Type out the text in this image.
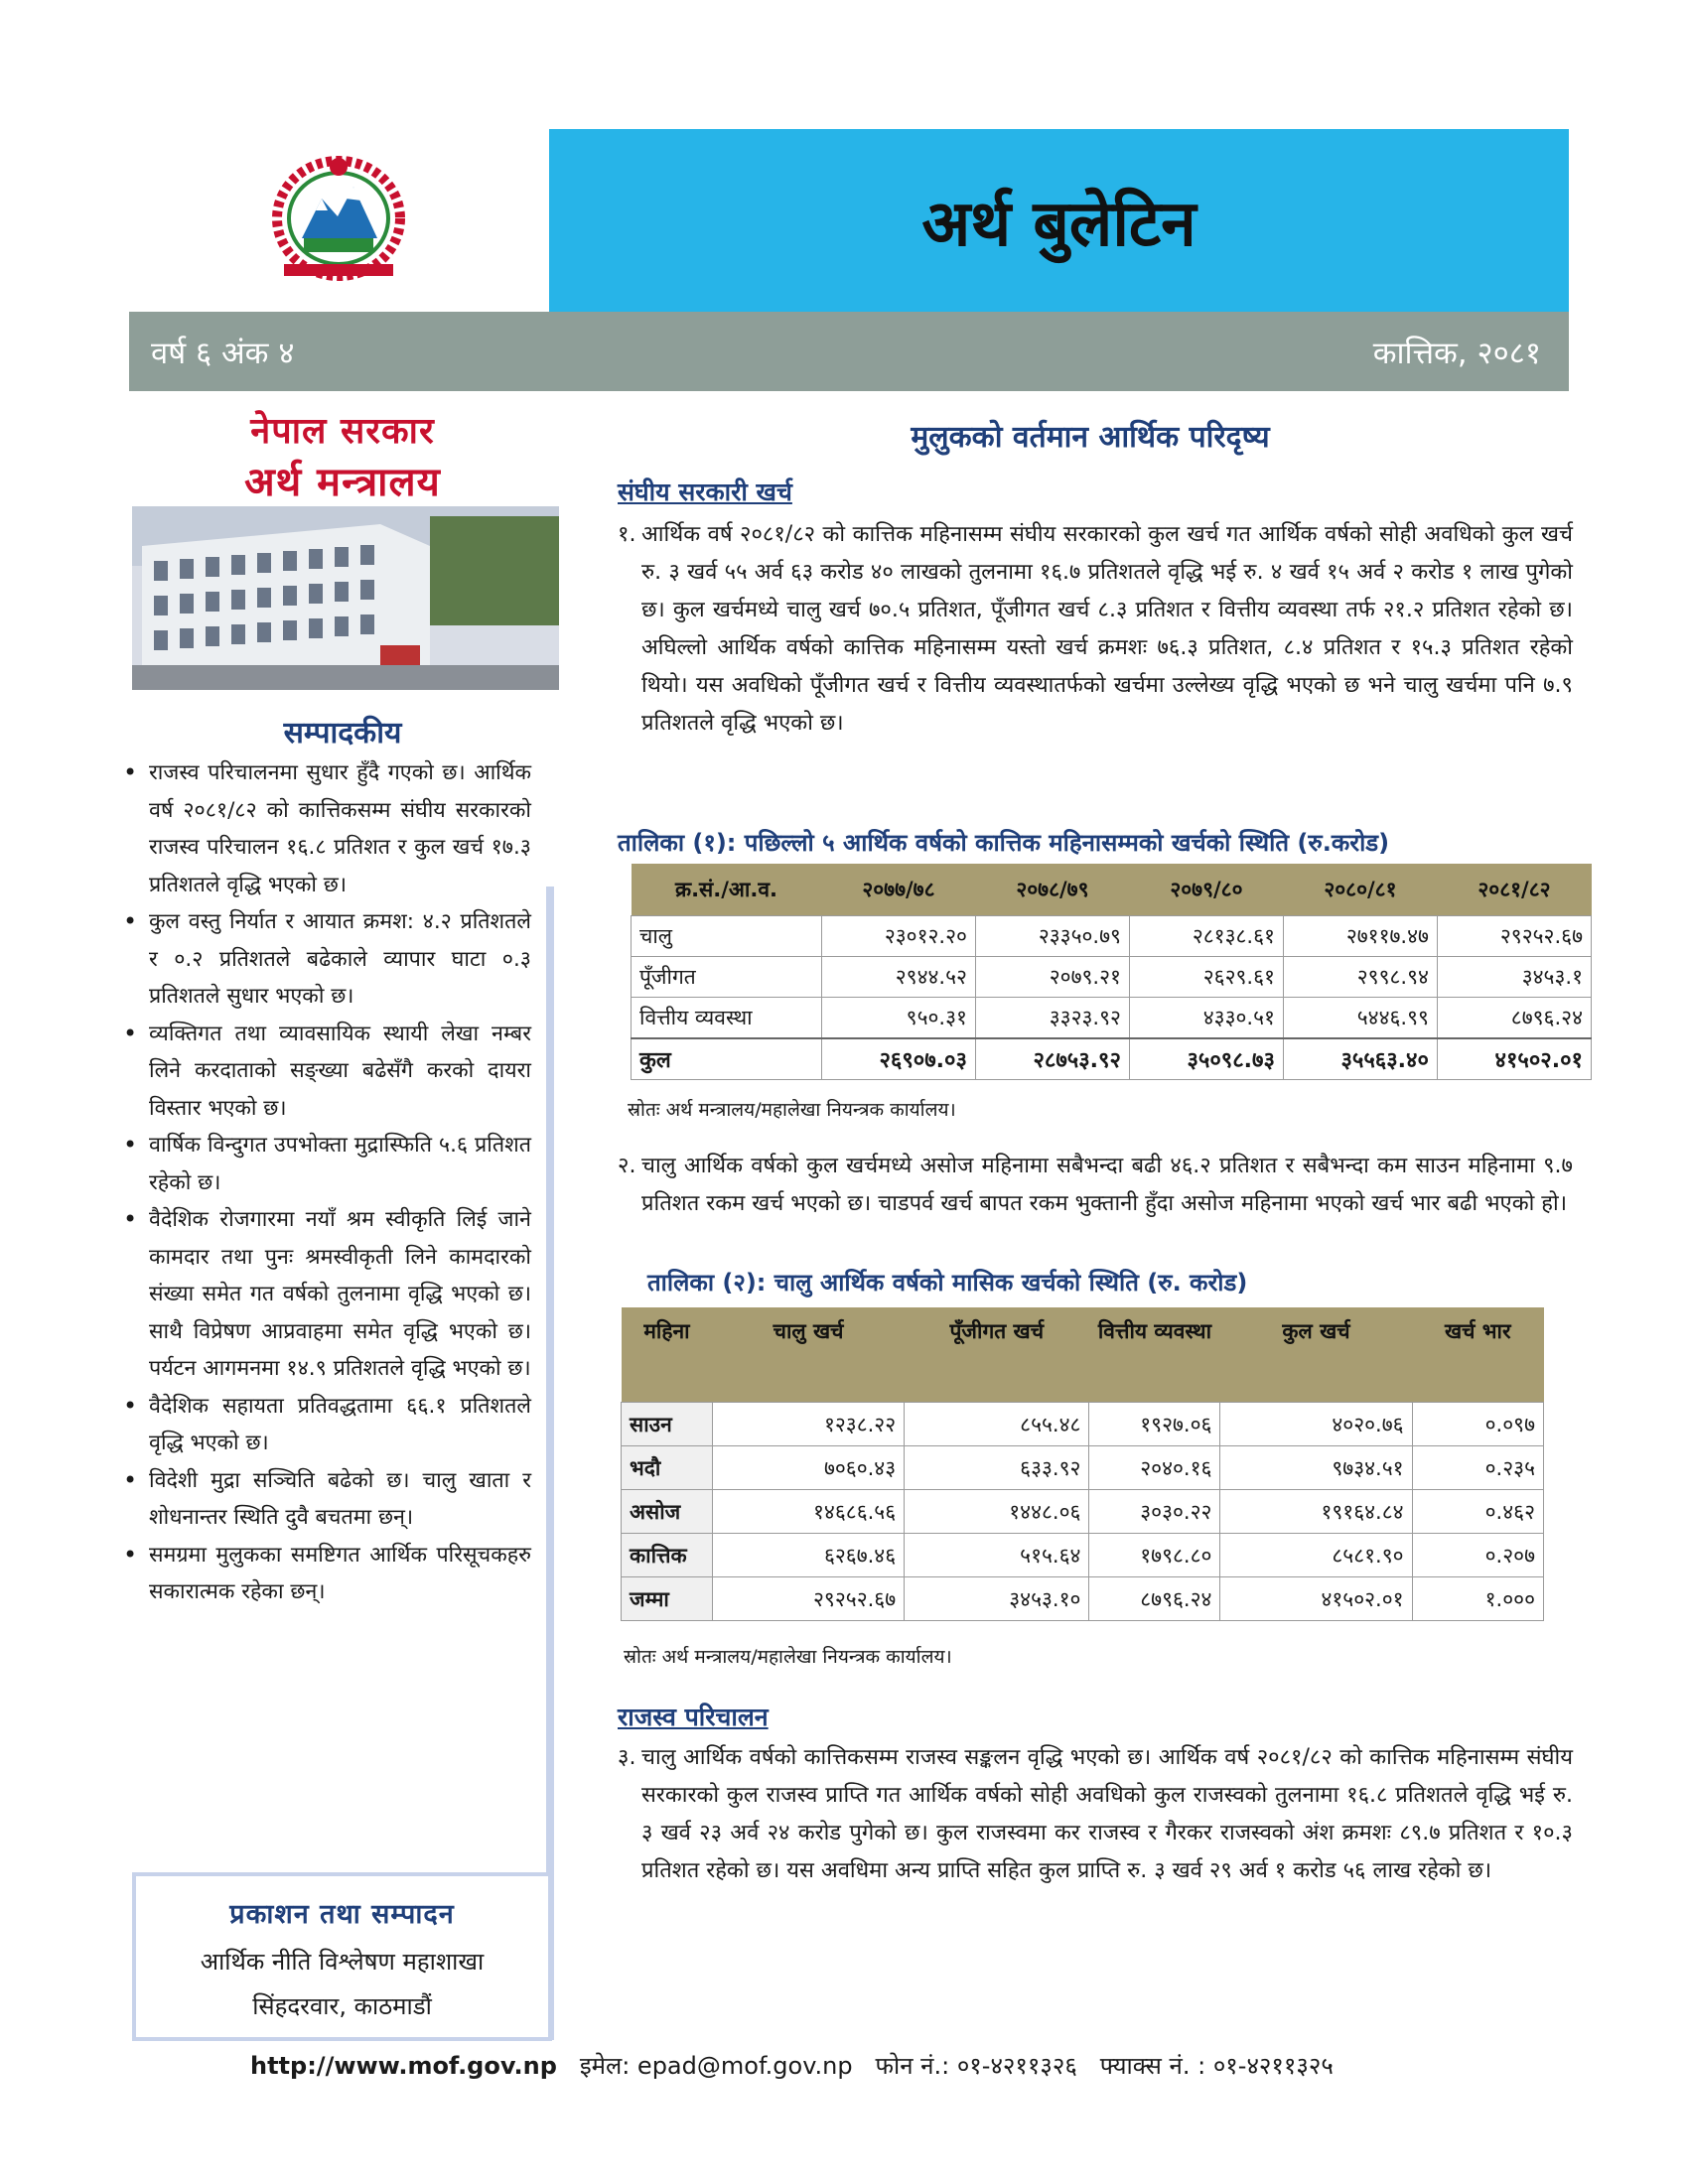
अर्थ बुलेटिन
वर्ष ६ अंक ४	कात्तिक, २०८१
नेपाल सरकार
अर्थ मन्त्रालय
सम्पादकीय
• राजस्व परिचालनमा सुधार हुँदै गएको छ। आर्थिक वर्ष २०८१/८२ को कात्तिकसम्म संघीय सरकारको राजस्व परिचालन १६.८ प्रतिशत र कुल खर्च १७.३ प्रतिशतले वृद्धि भएको छ।
• कुल वस्तु निर्यात र आयात क्रमश: ४.२ प्रतिशतले र ०.२ प्रतिशतले बढेकाले व्यापार घाटा ०.३ प्रतिशतले सुधार भएको छ।
• व्यक्तिगत तथा व्यावसायिक स्थायी लेखा नम्बर लिने करदाताको सङ्ख्या बढेसँगै करको दायरा विस्तार भएको छ।
• वार्षिक विन्दुगत उपभोक्ता मुद्रास्फिति ५.६ प्रतिशत रहेको छ।
• वैदेशिक रोजगारमा नयाँ श्रम स्वीकृति लिई जाने कामदार तथा पुनः श्रमस्वीकृती लिने कामदारको संख्या समेत गत वर्षको तुलनामा वृद्धि भएको छ। साथै विप्रेषण आप्रवाहमा समेत वृद्धि भएको छ। पर्यटन आगमनमा १४.९ प्रतिशतले वृद्धि भएको छ।
• वैदेशिक सहायता प्रतिवद्धतामा ६६.१ प्रतिशतले वृद्धि भएको छ।
• विदेशी मुद्रा सञ्चिति बढेको छ। चालु खाता र शोधनान्तर स्थिति दुवै बचतमा छन्।
• समग्रमा मुलुकका समष्टिगत आर्थिक परिसूचकहरु सकारात्मक रहेका छन्।
प्रकाशन तथा सम्पादन
आर्थिक नीति विश्लेषण महाशाखा
सिंहदरवार, काठमाडौं
मुलुकको वर्तमान आर्थिक परिदृष्य
संघीय सरकारी खर्च
१. आर्थिक वर्ष २०८१/८२ को कात्तिक महिनासम्म संघीय सरकारको कुल खर्च गत आर्थिक वर्षको सोही अवधिको कुल खर्च रु. ३ खर्व ५५ अर्व ६३ करोड ४० लाखको तुलनामा १६.७ प्रतिशतले वृद्धि भई रु. ४ खर्व १५ अर्व २ करोड १ लाख पुगेको छ। कुल खर्चमध्ये चालु खर्च ७०.५ प्रतिशत, पूँजीगत खर्च ८.३ प्रतिशत र वित्तीय व्यवस्था तर्फ २१.२ प्रतिशत रहेको छ। अघिल्लो आर्थिक वर्षको कात्तिक महिनासम्म यस्तो खर्च क्रमशः ७६.३ प्रतिशत, ८.४ प्रतिशत र १५.३ प्रतिशत रहेको थियो। यस अवधिको पूँजीगत खर्च र वित्तीय व्यवस्थातर्फको खर्चमा उल्लेख्य वृद्धि भएको छ भने चालु खर्चमा पनि ७.९ प्रतिशतले वृद्धि भएको छ।
तालिका (१): पछिल्लो ५ आर्थिक वर्षको कात्तिक महिनासम्मको खर्चको स्थिति (रु.करोड)
क्र.सं./आ.व.	२०७७/७८	२०७८/७९	२०७९/८०	२०८०/८१	२०८१/८२
चालु	२३०१२.२०	२३३५०.७९	२८१३८.६१	२७११७.४७	२९२५२.६७
पूँजीगत	२९४४.५२	२०७९.२१	२६२९.६१	२९९८.९४	३४५३.१
वित्तीय व्यवस्था	९५०.३१	३३२३.९२	४३३०.५१	५४४६.९९	८७९६.२४
कुल	२६९०७.०३	२८७५३.९२	३५०९८.७३	३५५६३.४०	४१५०२.०१
स्रोतः अर्थ मन्त्रालय/महालेखा नियन्त्रक कार्यालय।
२. चालु आर्थिक वर्षको कुल खर्चमध्ये असोज महिनामा सबैभन्दा बढी ४६.२ प्रतिशत र सबैभन्दा कम साउन महिनामा ९.७ प्रतिशत रकम खर्च भएको छ। चाडपर्व खर्च बापत रकम भुक्तानी हुँदा असोज महिनामा भएको खर्च भार बढी भएको हो।
तालिका (२): चालु आर्थिक वर्षको मासिक खर्चको स्थिति (रु. करोड)
महिना	चालु खर्च	पूँजीगत खर्च	वित्तीय व्यवस्था	कुल खर्च	खर्च भार
साउन	१२३८.२२	८५५.४८	१९२७.०६	४०२०.७६	०.०९७
भदौ	७०६०.४३	६३३.९२	२०४०.१६	९७३४.५१	०.२३५
असोज	१४६८६.५६	१४४८.०६	३०३०.२२	१९१६४.८४	०.४६२
कात्तिक	६२६७.४६	५१५.६४	१७९८.८०	८५८१.९०	०.२०७
जम्मा	२९२५२.६७	३४५३.१०	८७९६.२४	४१५०२.०१	१.०००
स्रोतः अर्थ मन्त्रालय/महालेखा नियन्त्रक कार्यालय।
राजस्व परिचालन
३. चालु आर्थिक वर्षको कात्तिकसम्म राजस्व सङ्कलन वृद्धि भएको छ। आर्थिक वर्ष २०८१/८२ को कात्तिक महिनासम्म संघीय सरकारको कुल राजस्व प्राप्ति गत आर्थिक वर्षको सोही अवधिको कुल राजस्वको तुलनामा १६.८ प्रतिशतले वृद्धि भई रु. ३ खर्व २३ अर्व २४ करोड पुगेको छ। कुल राजस्वमा कर राजस्व र गैरकर राजस्वको अंश क्रमशः ८९.७ प्रतिशत र १०.३ प्रतिशत रहेको छ। यस अवधिमा अन्य प्राप्ति सहित कुल प्राप्ति रु. ३ खर्व २९ अर्व १ करोड ५६ लाख रहेको छ।
http://www.mof.gov.np इमेल: epad@mof.gov.np फोन नं.: ०१-४२११३२६ फ्याक्स नं. : ०१-४२११३२५
